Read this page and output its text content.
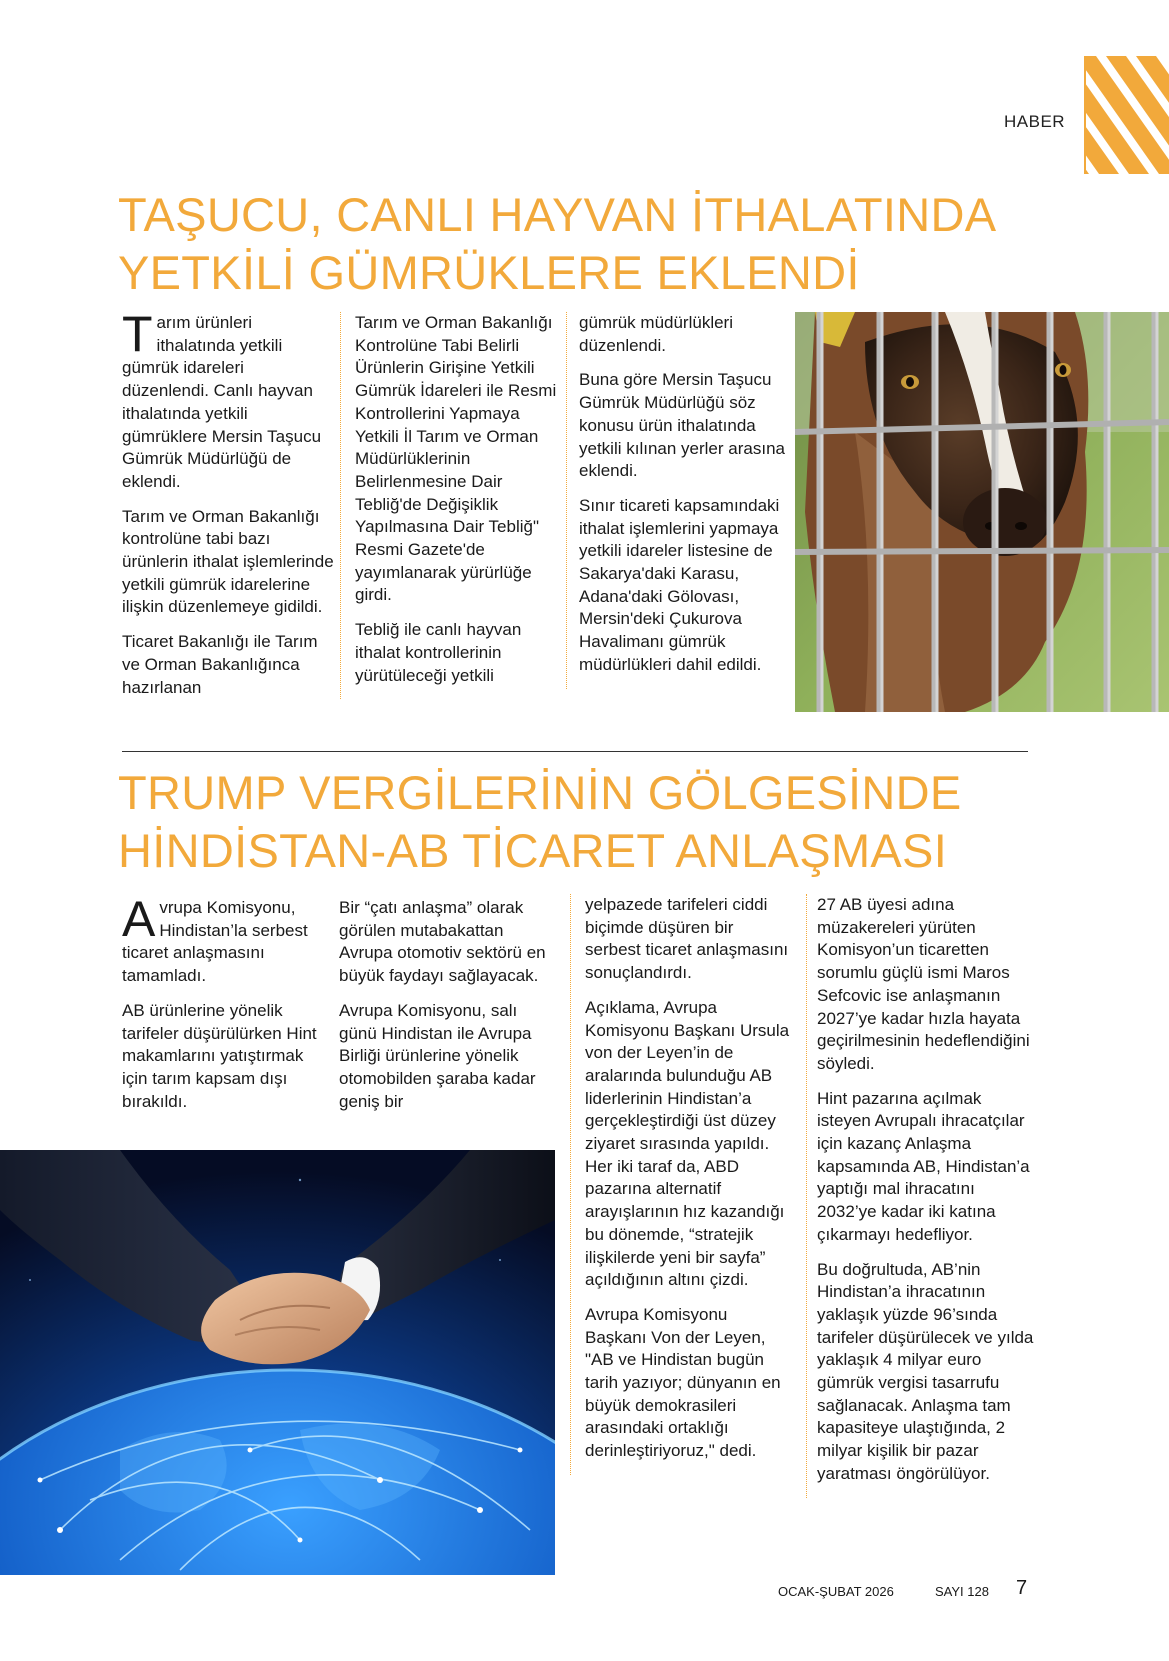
HABER
TAŞUCU, CANLI HAYVAN İTHALATINDA
YETKİLİ GÜMRÜKLERE EKLENDİ

T arım ürünleri ithalatında yetkili gümrük idareleri düzenlendi. Canlı hayvan ithalatında yetkili gümrüklere Mersin Taşucu Gümrük Müdürlüğü de eklendi.

Tarım ve Orman Bakanlığı kontrolüne tabi bazı ürünlerin ithalat işlemlerinde yetkili gümrük idarelerine ilişkin düzenlemeye gidildi.

Ticaret Bakanlığı ile Tarım ve Orman Bakanlığınca hazırlanan

Tarım ve Orman Bakanlığı Kontrolüne Tabi Belirli Ürünlerin Girişine Yetkili Gümrük İdareleri ile Resmi Kontrollerini Yapmaya Yetkili İl Tarım ve Orman Müdürlüklerinin Belirlenmesine Dair Tebliğ'de Değişiklik Yapılmasına Dair Tebliğ" Resmi Gazete'de yayımlanarak yürürlüğe girdi.

Tebliğ ile canlı hayvan ithalat kontrollerinin yürütüleceği yetkili

gümrük müdürlükleri düzenlendi.

Buna göre Mersin Taşucu Gümrük Müdürlüğü söz konusu ürün ithalatında yetkili kılınan yerler arasına eklendi.

Sınır ticareti kapsamındaki ithalat işlemlerini yapmaya yetkili idareler listesine de Sakarya'daki Karasu, Adana'daki Gölovası, Mersin'deki Çukurova Havalimanı gümrük müdürlükleri dahil edildi.

TRUMP VERGİLERİNİN GÖLGESİNDE
HİNDİSTAN-AB TİCARET ANLAŞMASI

A vrupa Komisyonu, Hindistan’la serbest ticaret anlaşmasını tamamladı.

AB ürünlerine yönelik tarifeler düşürülürken Hint makamlarını yatıştırmak için tarım kapsam dışı bırakıldı.

Bir “çatı anlaşma” olarak görülen mutabakattan Avrupa otomotiv sektörü en büyük faydayı sağlayacak.

Avrupa Komisyonu, salı günü Hindistan ile Avrupa Birliği ürünlerine yönelik otomobilden şaraba kadar geniş bir

yelpazede tarifeleri ciddi biçimde düşüren bir serbest ticaret anlaşmasını sonuçlandırdı.

Açıklama, Avrupa Komisyonu Başkanı Ursula von der Leyen’in de aralarında bulunduğu AB liderlerinin Hindistan’a gerçekleştirdiği üst düzey ziyaret sırasında yapıldı. Her iki taraf da, ABD pazarına alternatif arayışlarının hız kazandığı bu dönemde, “stratejik ilişkilerde yeni bir sayfa” açıldığının altını çizdi.

Avrupa Komisyonu Başkanı Von der Leyen, "AB ve Hindistan bugün tarih yazıyor; dünyanın en büyük demokrasileri arasındaki ortaklığı derinleştiriyoruz," dedi.

27 AB üyesi adına müzakereleri yürüten Komisyon’un ticaretten sorumlu güçlü ismi Maros Sefcovic ise anlaşmanın 2027’ye kadar hızla hayata geçirilmesinin hedeflendiğini söyledi.

Hint pazarına açılmak isteyen Avrupalı ihracatçılar için kazanç Anlaşma kapsamında AB, Hindistan’a yaptığı mal ihracatını 2032’ye kadar iki katına çıkarmayı hedefliyor.

Bu doğrultuda, AB’nin Hindistan’a ihracatının yaklaşık yüzde 96’sında tarifeler düşürülecek ve yılda yaklaşık 4 milyar euro gümrük vergisi tasarrufu sağlanacak. Anlaşma tam kapasiteye ulaştığında, 2 milyar kişilik bir pazar yaratması öngörülüyor.

OCAK-ŞUBAT 2026	SAYI 128 7
